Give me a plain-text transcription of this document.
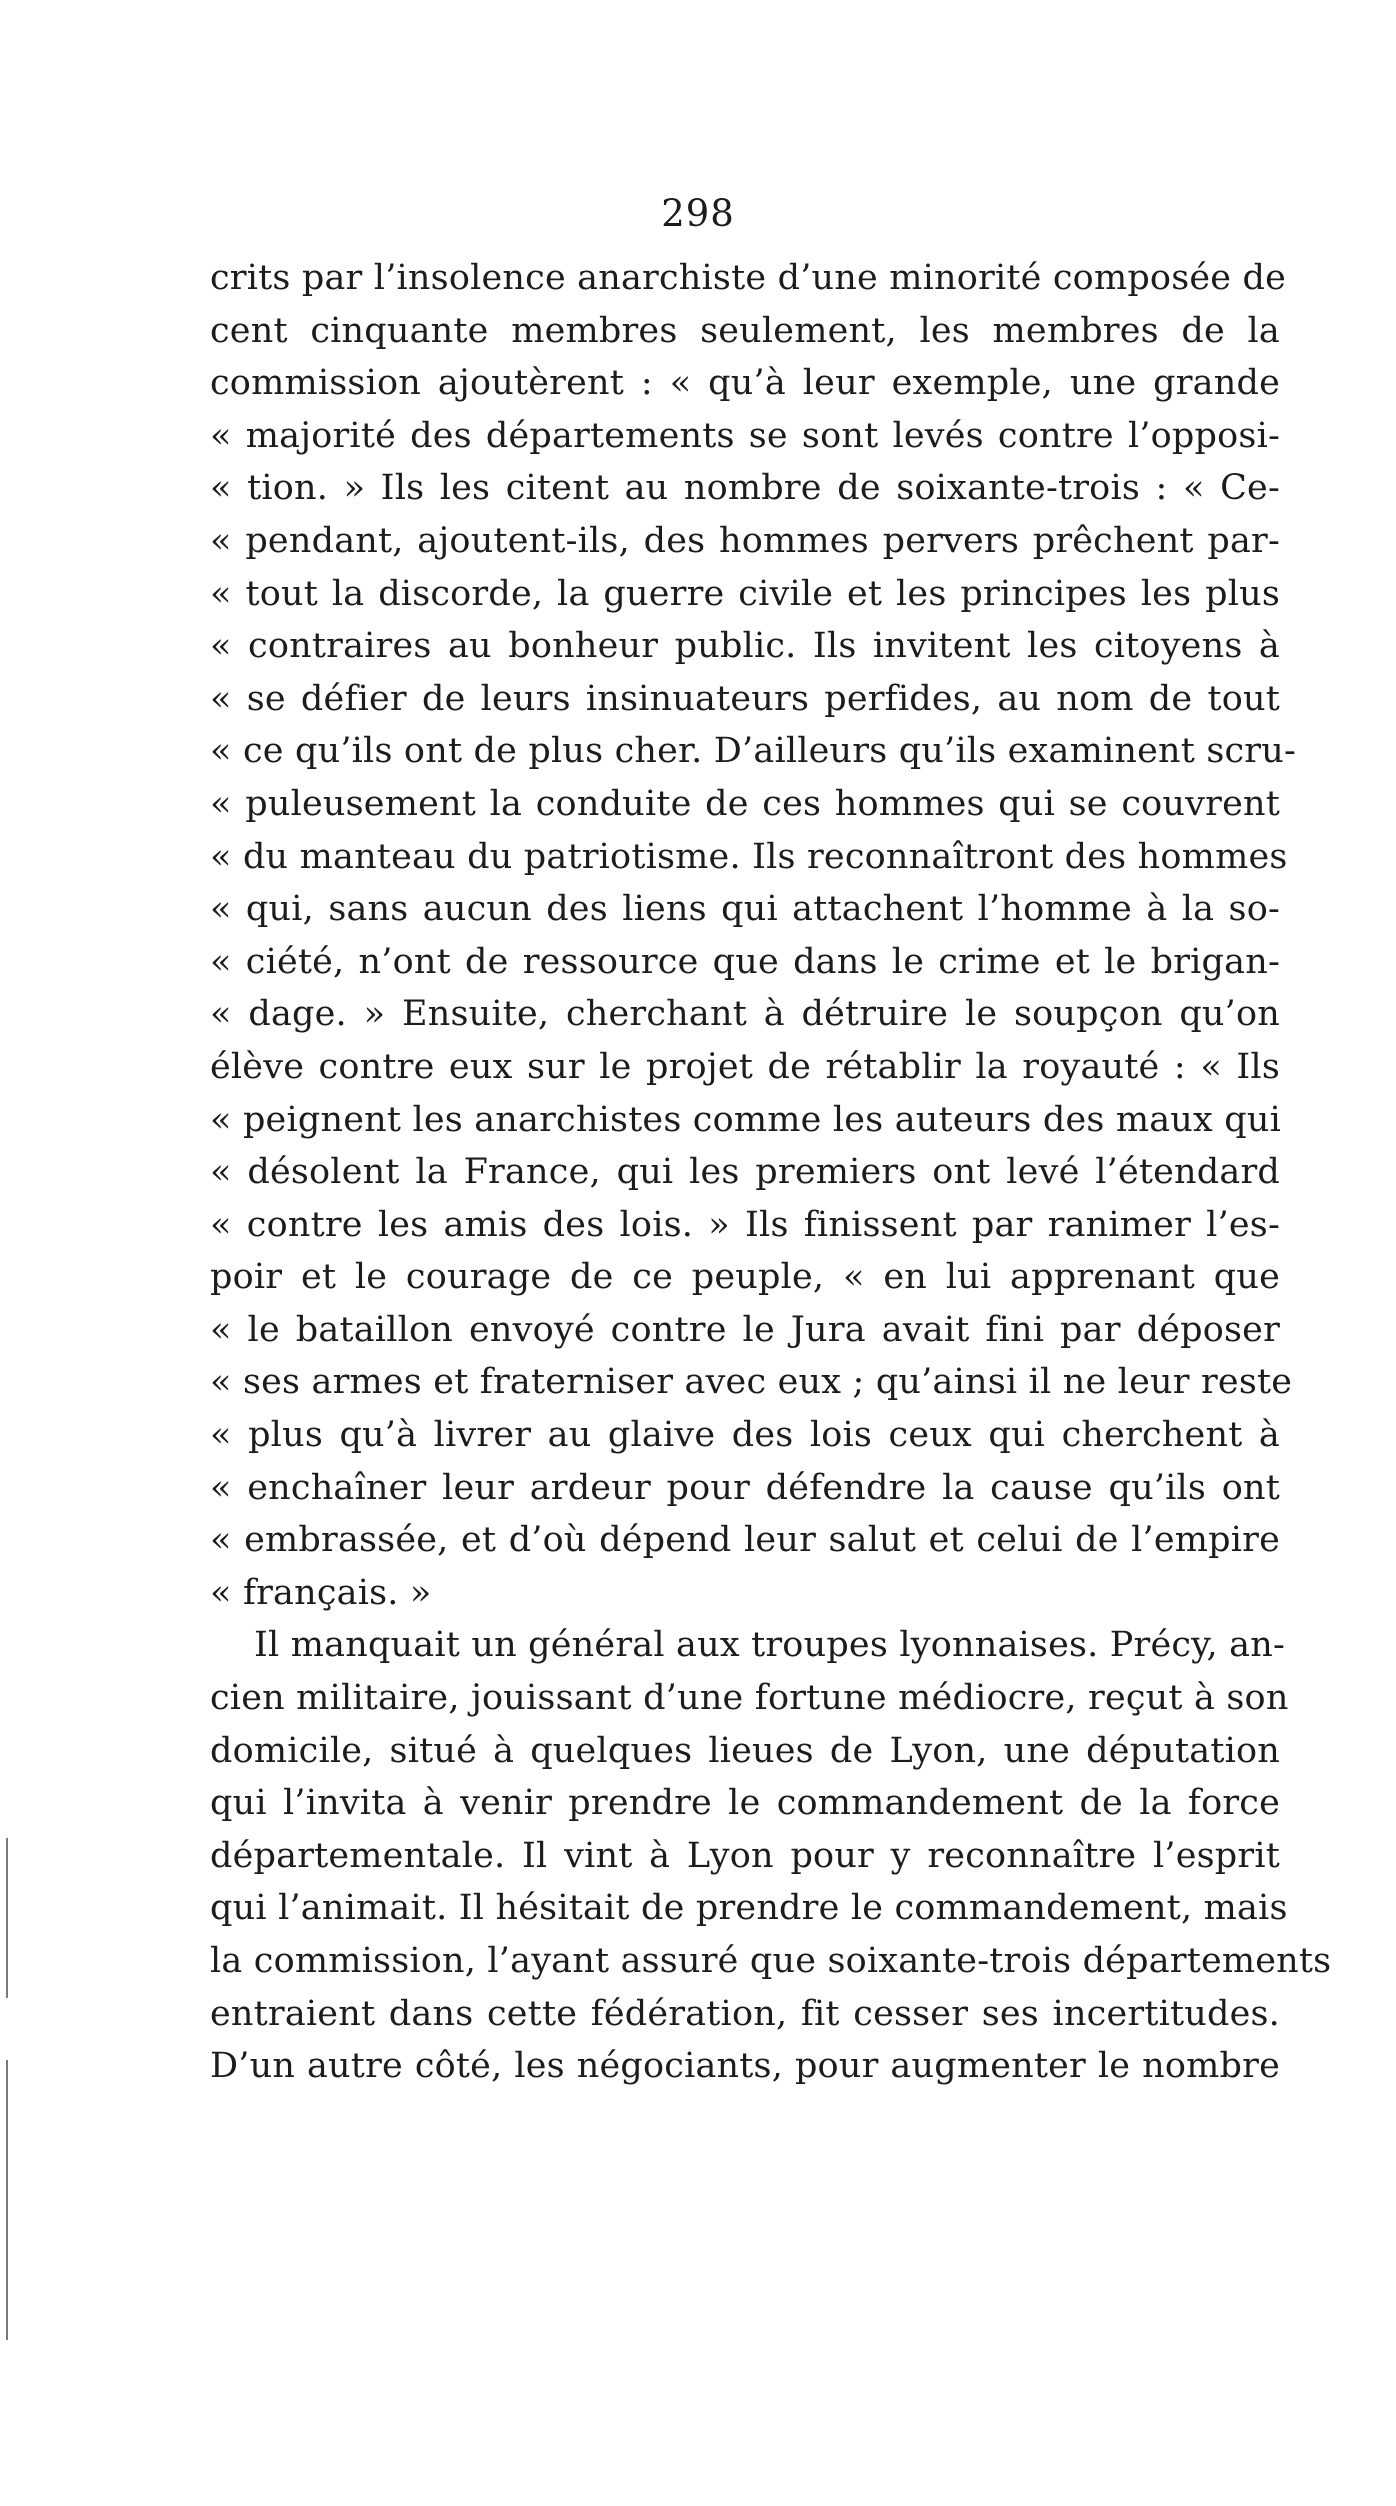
298
crits par l’insolence anarchiste d’une minorité composée de
cent cinquante membres seulement, les membres de la
commission ajoutèrent : « qu’à leur exemple, une grande
« majorité des départements se sont levés contre l’opposi-
« tion. » Ils les citent au nombre de soixante-trois : « Ce-
« pendant, ajoutent-ils, des hommes pervers prêchent par-
« tout la discorde, la guerre civile et les principes les plus
« contraires au bonheur public. Ils invitent les citoyens à
« se défier de leurs insinuateurs perfides, au nom de tout
« ce qu’ils ont de plus cher. D’ailleurs qu’ils examinent scru-
« puleusement la conduite de ces hommes qui se couvrent
« du manteau du patriotisme. Ils reconnaîtront des hommes
« qui, sans aucun des liens qui attachent l’homme à la so-
« ciété, n’ont de ressource que dans le crime et le brigan-
« dage. » Ensuite, cherchant à détruire le soupçon qu’on
élève contre eux sur le projet de rétablir la royauté : « Ils
« peignent les anarchistes comme les auteurs des maux qui
« désolent la France, qui les premiers ont levé l’étendard
« contre les amis des lois. » Ils finissent par ranimer l’es-
poir et le courage de ce peuple, « en lui apprenant que
« le bataillon envoyé contre le Jura avait fini par déposer
« ses armes et fraterniser avec eux ; qu’ainsi il ne leur reste
« plus qu’à livrer au glaive des lois ceux qui cherchent à
« enchaîner leur ardeur pour défendre la cause qu’ils ont
« embrassée, et d’où dépend leur salut et celui de l’empire
« français. »
Il manquait un général aux troupes lyonnaises. Précy, an-
cien militaire, jouissant d’une fortune médiocre, reçut à son
domicile, situé à quelques lieues de Lyon, une députation
qui l’invita à venir prendre le commandement de la force
départementale. Il vint à Lyon pour y reconnaître l’esprit
qui l’animait. Il hésitait de prendre le commandement, mais
la commission, l’ayant assuré que soixante-trois départements
entraient dans cette fédération, fit cesser ses incertitudes.
D’un autre côté, les négociants, pour augmenter le nombre
